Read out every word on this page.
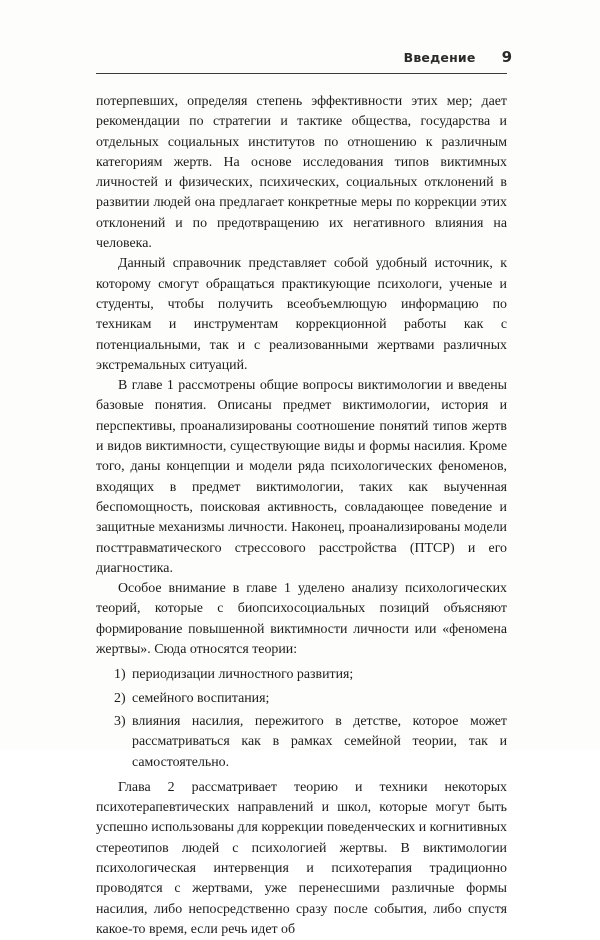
Введение 9

потерпевших, определяя степень эффективности этих мер; дает рекомендации по стратегии и тактике общества, государства и отдельных социальных институтов по отношению к различным категориям жертв. На основе исследования типов виктимных личностей и физических, психических, социальных отклонений в развитии людей она предлагает конкретные меры по коррекции этих отклонений и по предотвращению их негативного влияния на человека.

Данный справочник представляет собой удобный источник, к которому смогут обращаться практикующие психологи, ученые и студенты, чтобы получить всеобъемлющую информацию по техникам и инструментам коррекционной работы как с потенциальными, так и с реализованными жертвами различных экстремальных ситуаций.

В главе 1 рассмотрены общие вопросы виктимологии и введены базовые понятия. Описаны предмет виктимологии, история и перспективы, проанализированы соотношение понятий типов жертв и видов виктимности, существующие виды и формы насилия. Кроме того, даны концепции и модели ряда психологических феноменов, входящих в предмет виктимологии, таких как выученная беспомощность, поисковая активность, совладающее поведение и защитные механизмы личности. Наконец, проанализированы модели посттравматического стрессового расстройства (ПТСР) и его диагностика.

Особое внимание в главе 1 уделено анализу психологических теорий, которые с биопсихосоциальных позиций объясняют формирование повышенной виктимности личности или «феномена жертвы». Сюда относятся теории:

1) периодизации личностного развития;
2) семейного воспитания;
3) влияния насилия, пережитого в детстве, которое может рассматриваться как в рамках семейной теории, так и самостоятельно.

Глава 2 рассматривает теорию и техники некоторых психотерапевтических направлений и школ, которые могут быть успешно использованы для коррекции поведенческих и когнитивных стереотипов людей с психологией жертвы. В виктимологии психологическая интервенция и психотерапия традиционно проводятся с жертвами, уже перенесшими различные формы насилия, либо непосредственно сразу после события, либо спустя какое-то время, если речь идет об
